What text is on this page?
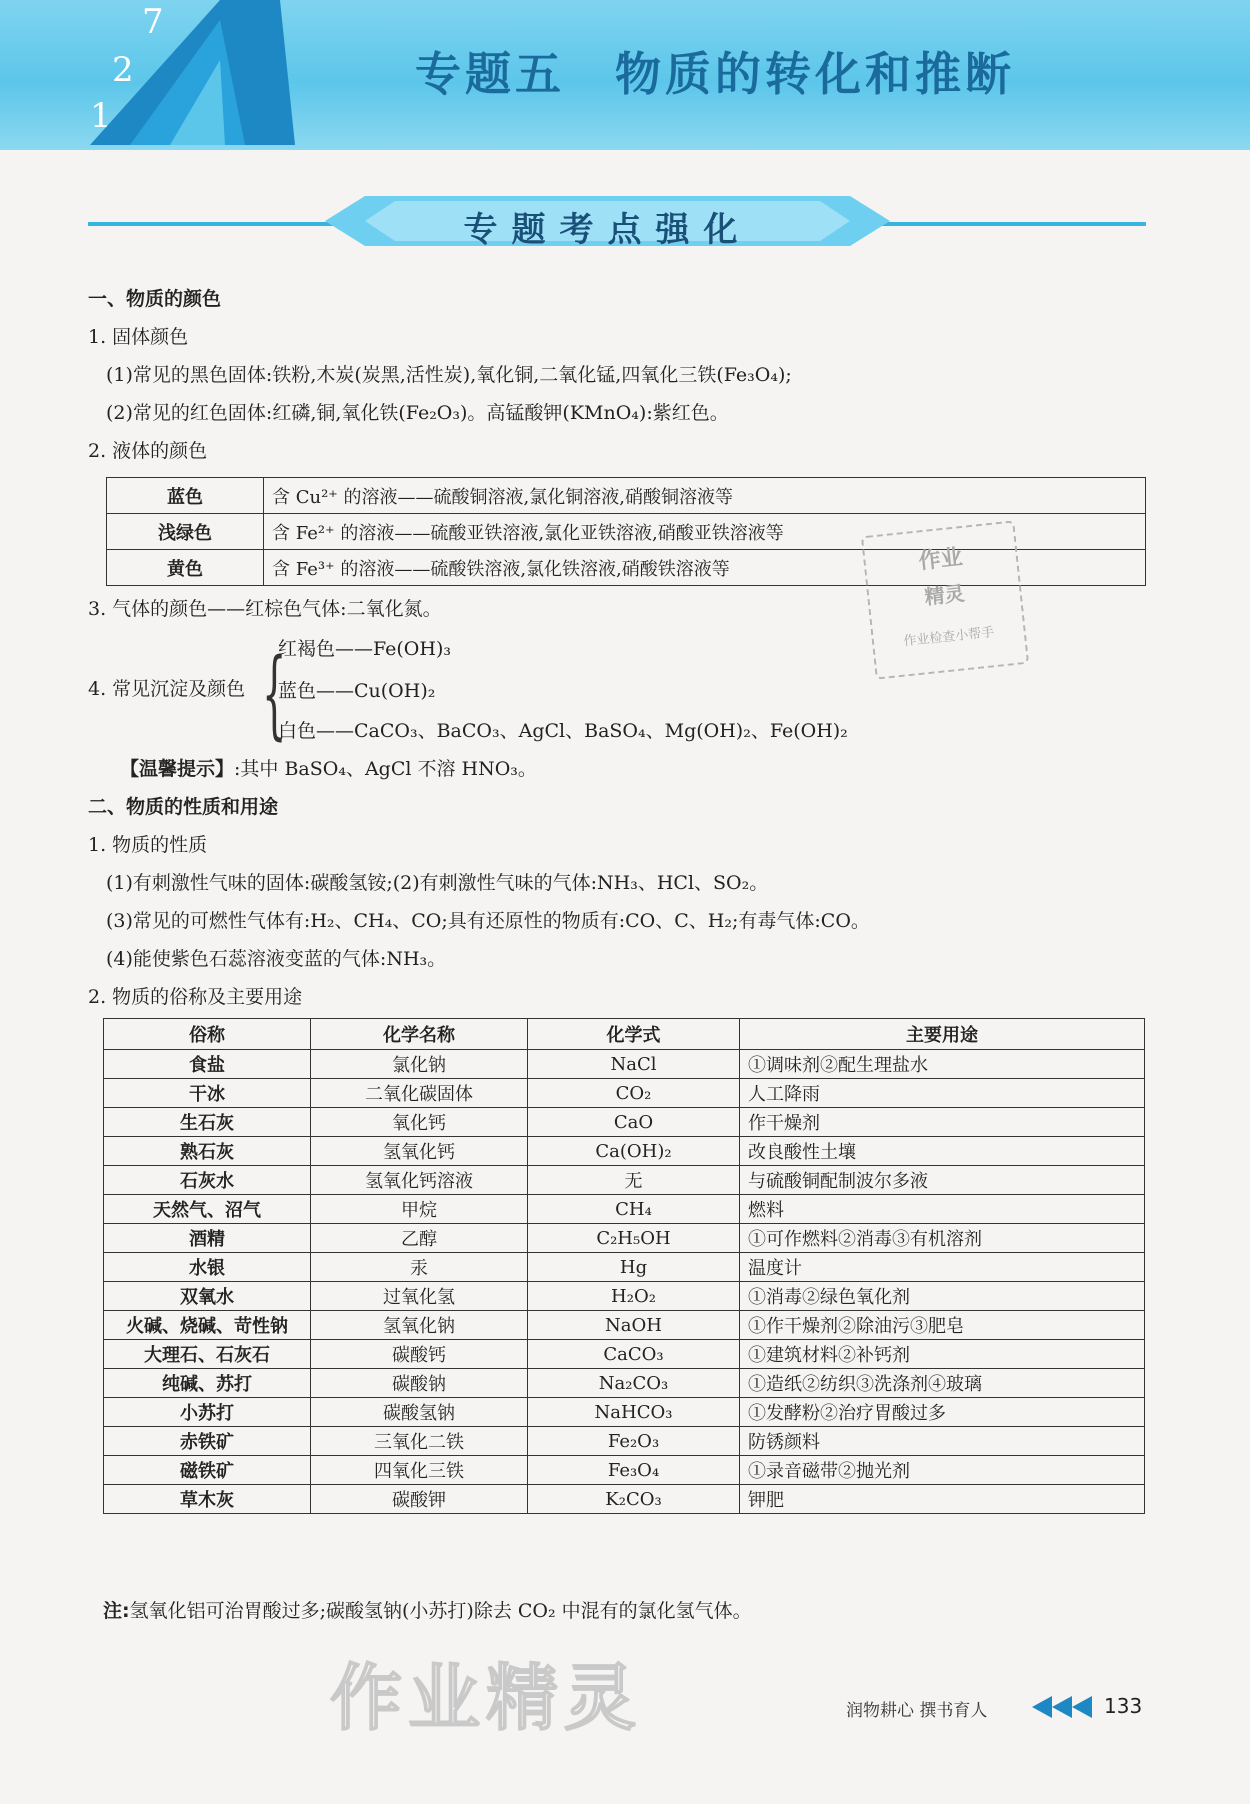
7
2
1
专题五　物质的转化和推断
专题考点强化
一、物质的颜色
1. 固体颜色
(1)常见的黑色固体:铁粉,木炭(炭黑,活性炭),氧化铜,二氧化锰,四氧化三铁(Fe₃O₄);
(2)常见的红色固体:红磷,铜,氧化铁(Fe₂O₃)。高锰酸钾(KMnO₄):紫红色。
2. 液体的颜色
蓝色	含 Cu²⁺ 的溶液——硫酸铜溶液,氯化铜溶液,硝酸铜溶液等
浅绿色	含 Fe²⁺ 的溶液——硫酸亚铁溶液,氯化亚铁溶液,硝酸亚铁溶液等
黄色	含 Fe³⁺ 的溶液——硫酸铁溶液,氯化铁溶液,硝酸铁溶液等	作业
精灵
作业检查小帮手
3. 气体的颜色——红棕色气体:二氧化氮。
4. 常见沉淀及颜色 {
红褐色——Fe(OH)₃
蓝色——Cu(OH)₂
白色——CaCO₃、BaCO₃、AgCl、BaSO₄、Mg(OH)₂、Fe(OH)₂
【温馨提示】:其中 BaSO₄、AgCl 不溶 HNO₃。
二、物质的性质和用途
1. 物质的性质
(1)有刺激性气味的固体:碳酸氢铵;(2)有刺激性气味的气体:NH₃、HCl、SO₂。
(3)常见的可燃性气体有:H₂、CH₄、CO;具有还原性的物质有:CO、C、H₂;有毒气体:CO。
(4)能使紫色石蕊溶液变蓝的气体:NH₃。
2. 物质的俗称及主要用途
俗称	化学名称	化学式	主要用途
食盐	氯化钠	NaCl	①调味剂②配生理盐水
干冰	二氧化碳固体	CO₂	人工降雨
生石灰	氧化钙	CaO	作干燥剂
熟石灰	氢氧化钙	Ca(OH)₂	改良酸性土壤
石灰水	氢氧化钙溶液	无	与硫酸铜配制波尔多液
天然气、沼气	甲烷	CH₄	燃料
酒精	乙醇	C₂H₅OH	①可作燃料②消毒③有机溶剂
水银	汞	Hg	温度计
双氧水	过氧化氢	H₂O₂	①消毒②绿色氧化剂
火碱、烧碱、苛性钠	氢氧化钠	NaOH	①作干燥剂②除油污③肥皂
大理石、石灰石	碳酸钙	CaCO₃	①建筑材料②补钙剂
纯碱、苏打	碳酸钠	Na₂CO₃	①造纸②纺织③洗涤剂④玻璃
小苏打	碳酸氢钠	NaHCO₃	①发酵粉②治疗胃酸过多
赤铁矿	三氧化二铁	Fe₂O₃	防锈颜料
磁铁矿	四氧化三铁	Fe₃O₄	①录音磁带②抛光剂
草木灰	碳酸钾	K₂CO₃	钾肥
注:氢氧化铝可治胃酸过多;碳酸氢钠(小苏打)除去 CO₂ 中混有的氯化氢气体。
作业精灵	润物耕心 撰书育人	133
